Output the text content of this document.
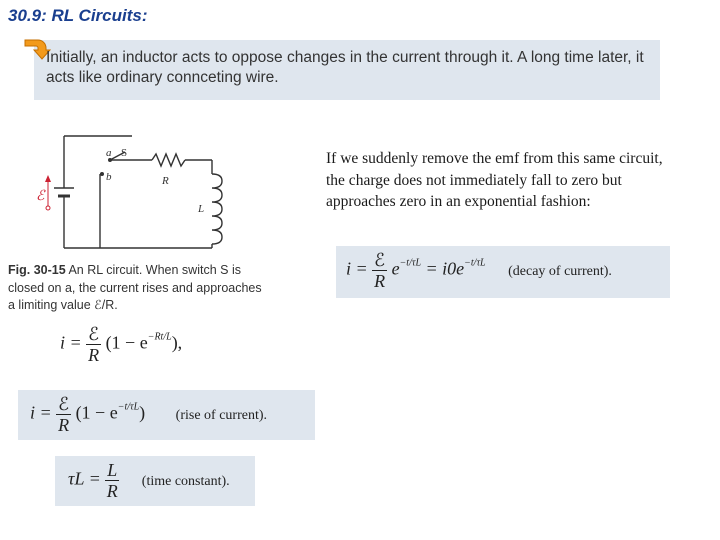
30.9: RL Circuits:
Initially, an inductor acts to oppose changes in the current through it. A long time later, it acts like ordinary connceting wire.
a
b
S
R
L
ℰ
Fig. 30-15 An RL circuit. When switch S is closed on a, the current rises and approaches a limiting value ℰ/R.
$i = \frac{\text{ℰ}}{R} (1 - e^{-Rt/L})$,
$i = \frac{\text{ℰ}}{R} (1 - e^{-t/\tau L})$ (rise of current).
$\tau L = \frac{L}{R}$ (time constant).
If we suddenly remove the emf from this same circuit, the charge does not immediately fall to zero but approaches zero in an exponential fashion:
$i = \frac{\text{ℰ}}{R} e^{-t/\tau L} = i0e^{-t/\tau L}$ (decay of current).
